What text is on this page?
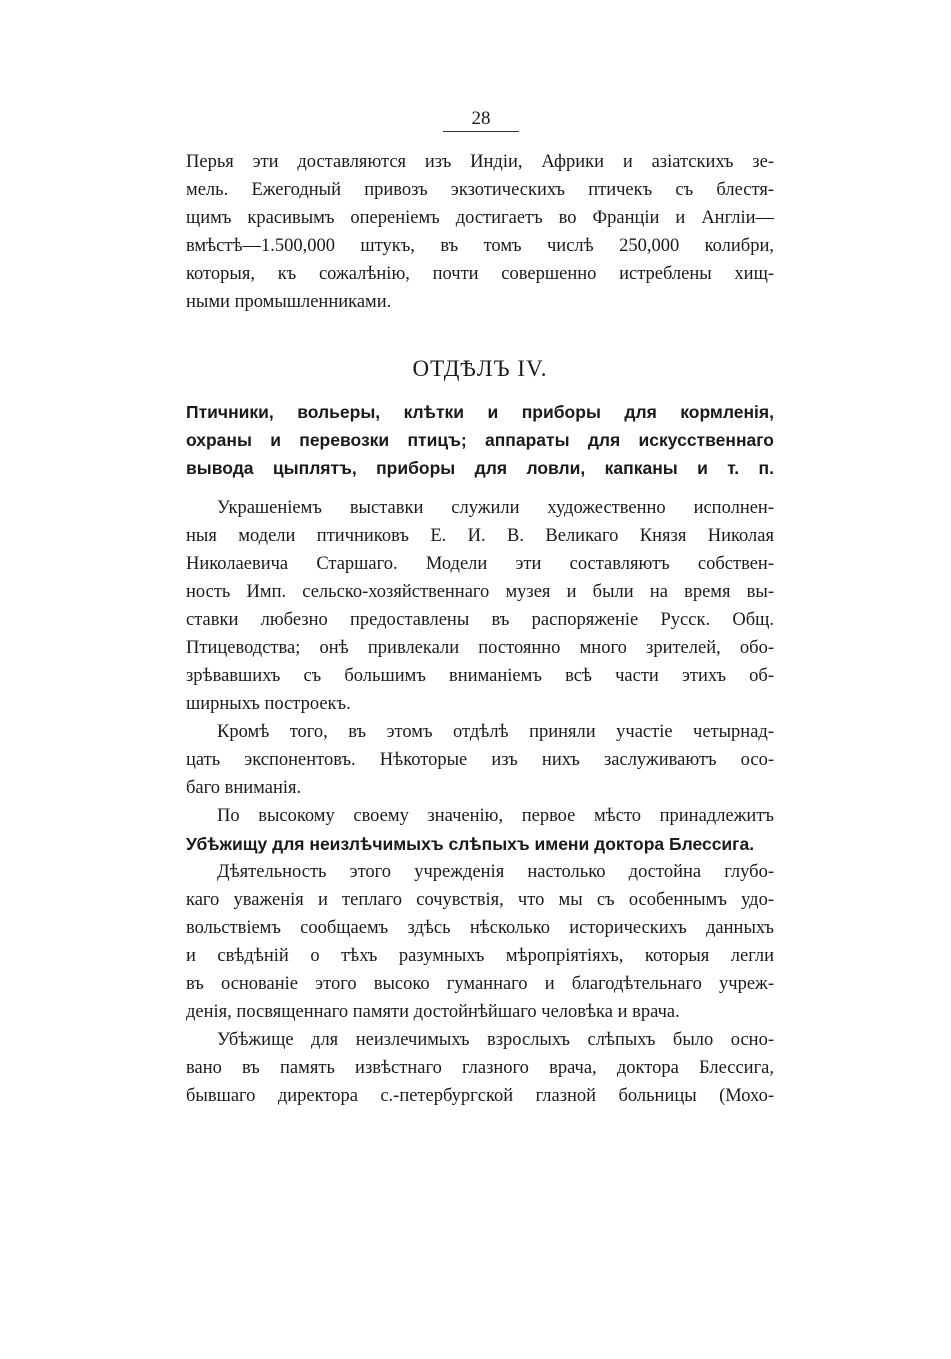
28
Перья эти доставляются изъ Индіи, Африки и азіатскихъ зе-
мель. Ежегодный привозъ экзотическихъ птичекъ съ блестя-
щимъ красивымъ опереніемъ достигаетъ во Франціи и Англіи—
вмѣстѣ—1.500,000 штукъ, въ томъ числѣ 250,000 колибри,
которыя, къ сожалѣнію, почти совершенно истреблены хищ-
ными промышленниками.
ОТДѢЛЪ IV.
Птичники, вольеры, клѣтки и приборы для кормленія,
охраны и перевозки птицъ; аппараты для искусственнаго
вывода цыплятъ, приборы для ловли, капканы и т. п.
Украшеніемъ выставки служили художественно исполнен-
ныя модели птичниковъ Е. И. В. Великаго Князя Николая
Николаевича Старшаго. Модели эти составляютъ собствен-
ность Имп. сельско-хозяйственнаго музея и были на время вы-
ставки любезно предоставлены въ распоряженіе Русск. Общ.
Птицеводства; онѣ привлекали постоянно много зрителей, обо-
зрѣвавшихъ съ большимъ вниманіемъ всѣ части этихъ об-
ширныхъ построекъ.
Кромѣ того, въ этомъ отдѣлѣ приняли участіе четырнад-
цать экспонентовъ. Нѣкоторые изъ нихъ заслуживаютъ осо-
баго вниманія.
По высокому своему значенію, первое мѣсто принадлежитъ
Убѣжищу для неизлѣчимыхъ слѣпыхъ имени доктора Блессига.
Дѣятельность этого учрежденія настолько достойна глубо-
каго уваженія и теплаго сочувствія, что мы съ особеннымъ удо-
вольствіемъ сообщаемъ здѣсь нѣсколько историческихъ данныхъ
и свѣдѣній о тѣхъ разумныхъ мѣропріятіяхъ, которыя легли
въ основаніе этого высоко гуманнаго и благодѣтельнаго учреж-
денія, посвященнаго памяти достойнѣйшаго человѣка и врача.
Убѣжище для неизлечимыхъ взрослыхъ слѣпыхъ было осно-
вано въ память извѣстнаго глазного врача, доктора Блессига,
бывшаго директора с.-петербургской глазной больницы (Мохо-
